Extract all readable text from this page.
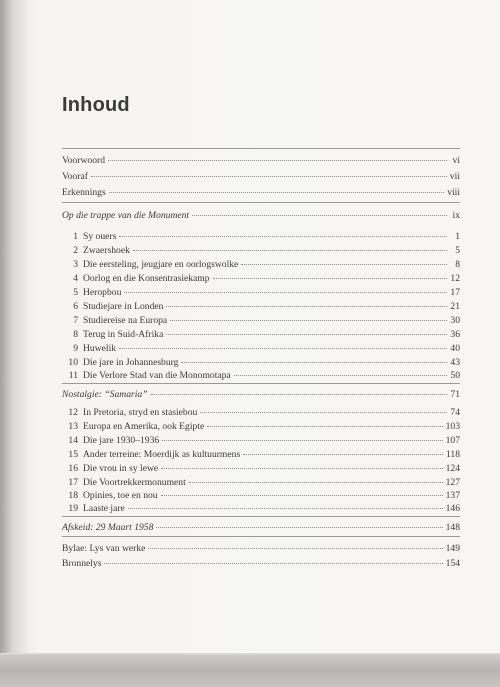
Inhoud
Voorwoord	vi
Vooraf	vii
Erkennings	viii
Op die trappe van die Monument	ix
1 Sy ouers	1
2 Zwaershoek	5
3 Die eersteling, jeugjare en oorlogswolke	8
4 Oorlog en die Konsentrasiekamp	12
5 Heropbou	17
6 Studiejare in Londen	21
7 Studiereise na Europa	30
8 Terug in Suid-Afrika	36
9 Huwelik	40
10 Die jare in Johannesburg	43
11 Die Verlore Stad van die Monomotapa	50
Nostalgie: “Samaria”	71
12 In Pretoria, stryd en stasiebou	74
13 Europa en Amerika, ook Egipte	103
14 Die jare 1930–1936	107
15 Ander terreine: Moerdijk as kultuurmens	118
16 Die vrou in sy lewe	124
17 Die Voortrekkermonument	127
18 Opinies, toe en nou	137
19 Laaste jare	146
Afskeid: 29 Maart 1958	148
Bylae: Lys van werke	149
Bronnelys	154
